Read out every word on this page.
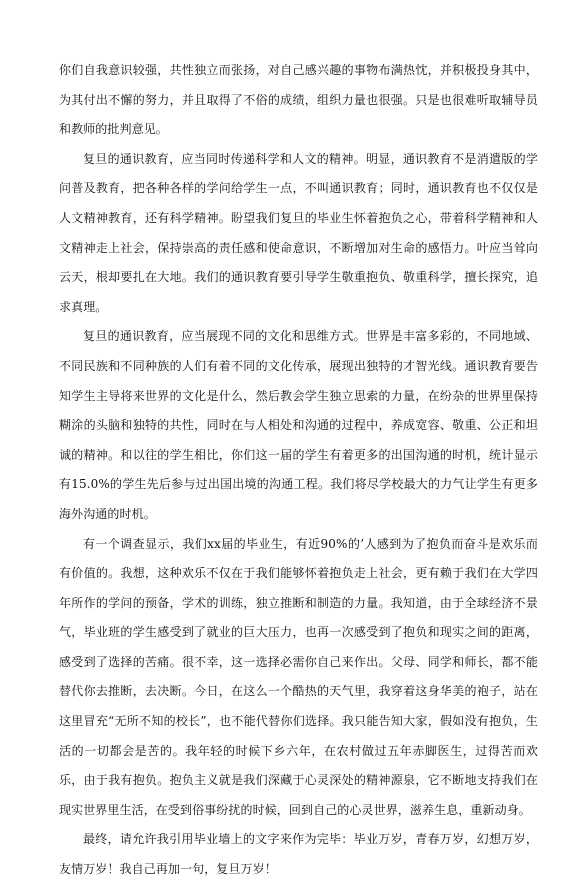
你们自我意识较强，共性独立而张扬，对自己感兴趣的事物布满热忱，并积极投身其中，为其付出不懈的努力，并且取得了不俗的成绩，组织力量也很强。只是也很难听取辅导员和教师的批判意见。

复旦的通识教育，应当同时传递科学和人文的精神。明显，通识教育不是消遣版的学问普及教育，把各种各样的学问给学生一点，不叫通识教育；同时，通识教育也不仅仅是人文精神教育，还有科学精神。盼望我们复旦的毕业生怀着抱负之心，带着科学精神和人文精神走上社会，保持崇高的责任感和使命意识，不断增加对生命的感悟力。叶应当耸向云天，根却要扎在大地。我们的通识教育要引导学生敬重抱负、敬重科学，擅长探究，追求真理。

复旦的通识教育，应当展现不同的文化和思维方式。世界是丰富多彩的，不同地域、不同民族和不同种族的人们有着不同的文化传承，展现出独特的才智光线。通识教育要告知学生主导将来世界的文化是什么，然后教会学生独立思索的力量，在纷杂的世界里保持糊涂的头脑和独特的共性，同时在与人相处和沟通的过程中，养成宽容、敬重、公正和坦诚的精神。和以往的学生相比，你们这一届的学生有着更多的出国沟通的时机，统计显示有15.0%的学生先后参与过出国出境的沟通工程。我们将尽学校最大的力气让学生有更多海外沟通的时机。

有一个调查显示，我们xx届的毕业生，有近90%的’人感到为了抱负而奋斗是欢乐而有价值的。我想，这种欢乐不仅在于我们能够怀着抱负走上社会，更有赖于我们在大学四年所作的学问的预备，学术的训练，独立推断和制造的力量。我知道，由于全球经济不景气，毕业班的学生感受到了就业的巨大压力，也再一次感受到了抱负和现实之间的距离，感受到了选择的苦痛。很不幸，这一选择必需你自己来作出。父母、同学和师长，都不能替代你去推断，去决断。今日，在这么一个酷热的天气里，我穿着这身华美的袍子，站在这里冒充“无所不知的校长”，也不能代替你们选择。我只能告知大家，假如没有抱负，生活的一切都会是苦的。我年轻的时候下乡六年，在农村做过五年赤脚医生，过得苦而欢乐，由于我有抱负。抱负主义就是我们深藏于心灵深处的精神源泉，它不断地支持我们在现实世界里生活，在受到俗事纷扰的时候，回到自己的心灵世界，滋养生息，重新动身。

最终，请允许我引用毕业墙上的文字来作为完毕：毕业万岁，青春万岁，幻想万岁，友情万岁！我自己再加一句，复旦万岁！
